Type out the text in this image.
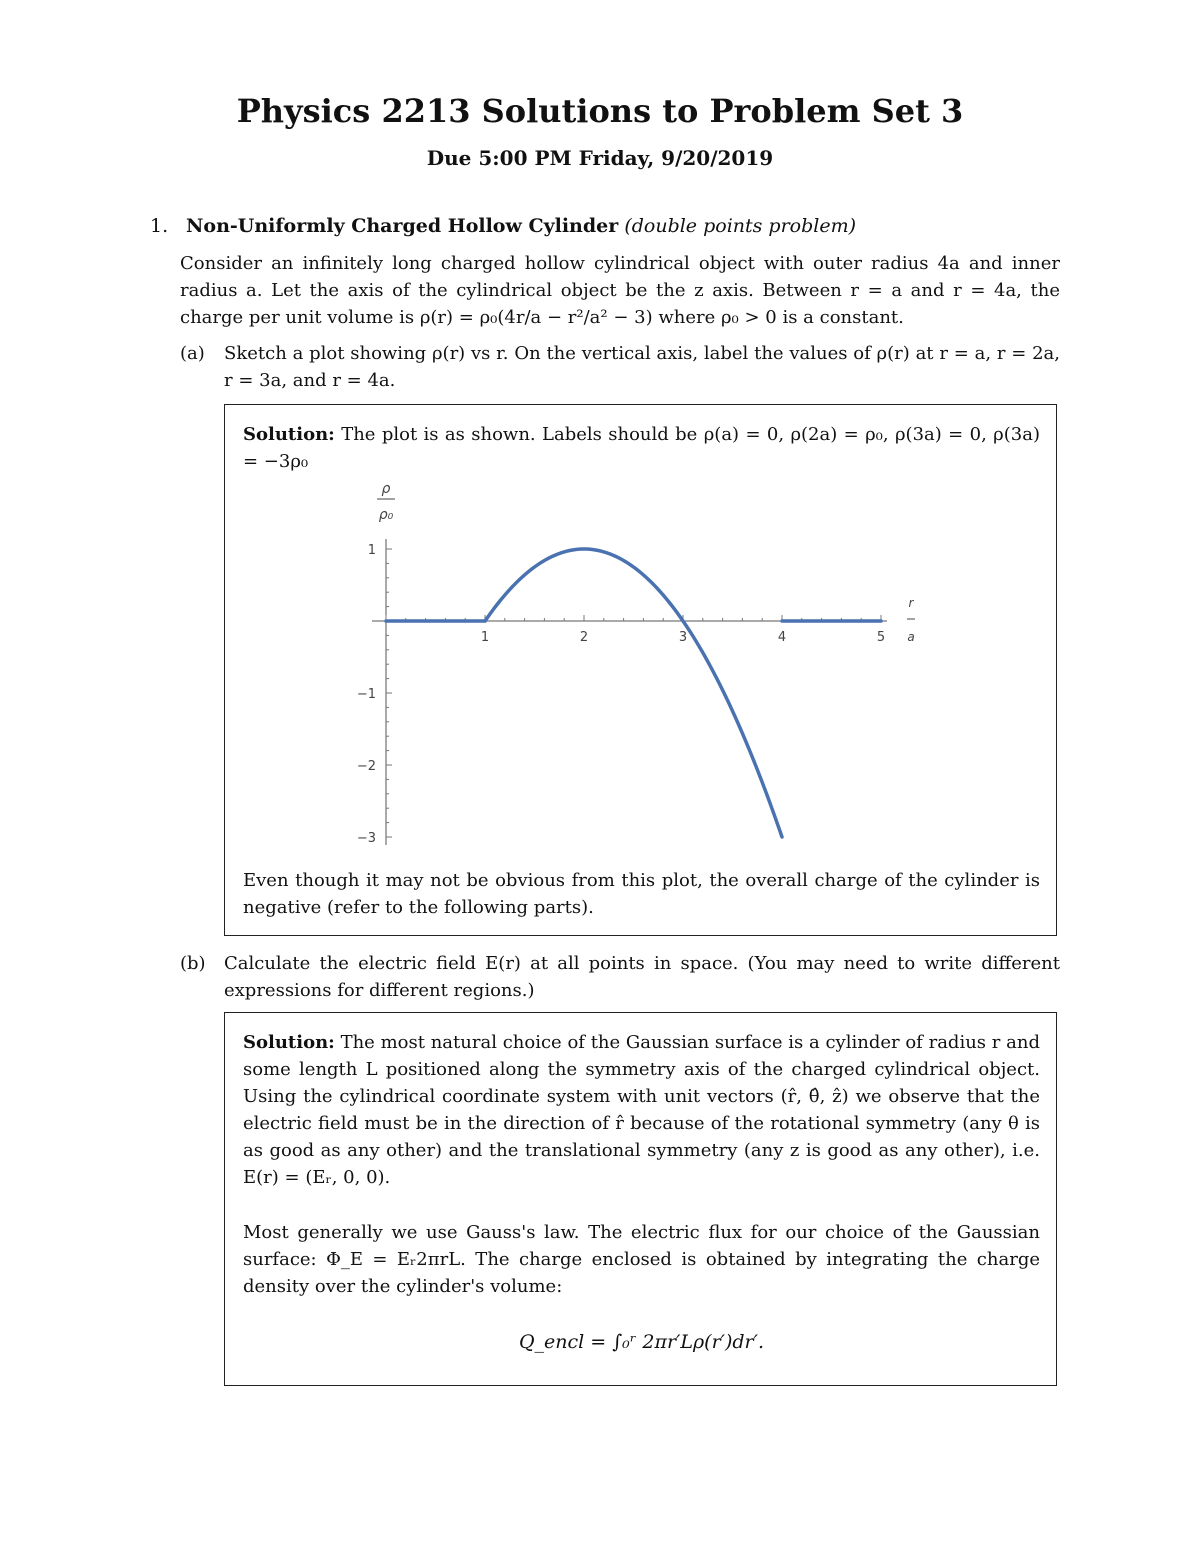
Physics 2213 Solutions to Problem Set 3
Due 5:00 PM Friday, 9/20/2019
1. Non-Uniformly Charged Hollow Cylinder (double points problem)
Consider an infinitely long charged hollow cylindrical object with outer radius 4a and inner radius a. Let the axis of the cylindrical object be the z axis. Between r = a and r = 4a, the charge per unit volume is ρ(r) = ρ₀(4r/a − r²/a² − 3) where ρ₀ > 0 is a constant.
(a) Sketch a plot showing ρ(r) vs r. On the vertical axis, label the values of ρ(r) at r = a, r = 2a, r = 3a, and r = 4a.
Solution: The plot is as shown. Labels should be ρ(a) = 0, ρ(2a) = ρ₀, ρ(3a) = 0, ρ(3a) = −3ρ₀
1	2	3	4	5
1
−1
−2
−3
ρ
ρ₀
r
a
Even though it may not be obvious from this plot, the overall charge of the cylinder is negative (refer to the following parts).
(b) Calculate the electric field E(r) at all points in space. (You may need to write different expressions for different regions.)
Solution: The most natural choice of the Gaussian surface is a cylinder of radius r and some length L positioned along the symmetry axis of the charged cylindrical object. Using the cylindrical coordinate system with unit vectors (r̂, θ̂, ẑ) we observe that the electric field must be in the direction of r̂ because of the rotational symmetry (any θ is as good as any other) and the translational symmetry (any z is good as any other), i.e. E(r) = (Eᵣ, 0, 0).
Most generally we use Gauss's law. The electric flux for our choice of the Gaussian surface: Φ_E = Eᵣ2πrL. The charge enclosed is obtained by integrating the charge density over the cylinder's volume:
Q_encl = ∫₀ʳ 2πr′Lρ(r′)dr′.
